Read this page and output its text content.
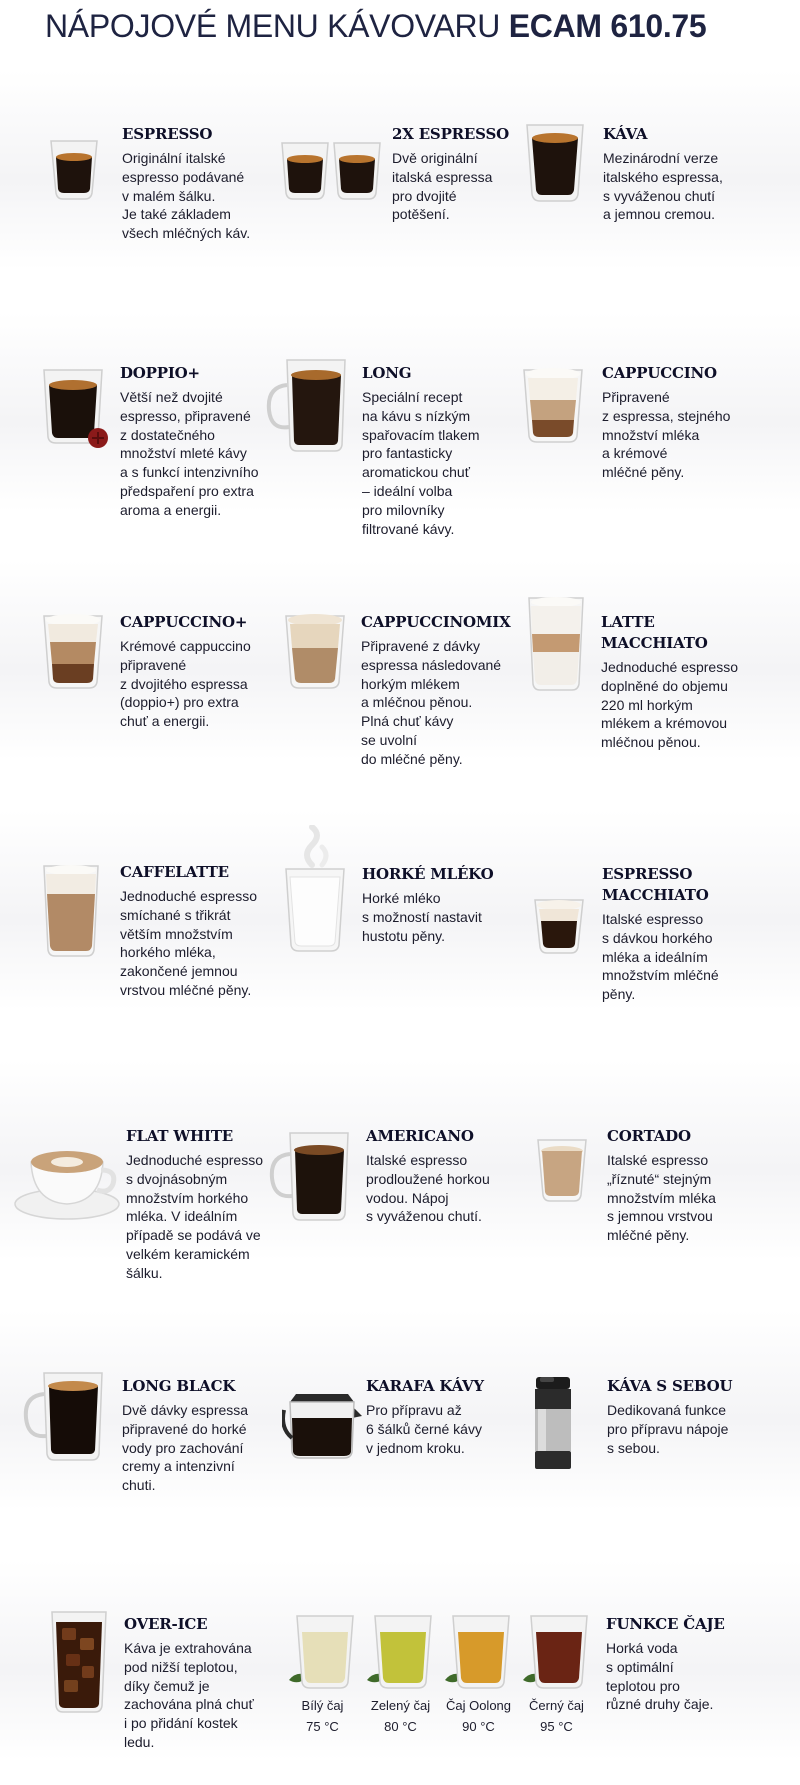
NÁPOJOVÉ MENU KÁVOVARU ECAM 610.75
ESPRESSO
Originální italské
espresso podávané
v malém šálku.
Je také základem
všech mléčných káv.
2X ESPRESSO
Dvě originální
italská espressa
pro dvojité
potěšení.
KÁVA
Mezinárodní verze
italského espressa,
s vyváženou chutí
a jemnou cremou.
DOPPIO+
Větší než dvojité
espresso, připravené
z dostatečného
množství mleté kávy
a s funkcí intenzivního
předspaření pro extra
aroma a energii.
LONG
Speciální recept
na kávu s nízkým
spařovacím tlakem
pro fantasticky
aromatickou chuť
– ideální volba
pro milovníky
filtrované kávy.
CAPPUCCINO
Připravené
z espressa, stejného
množství mléka
a krémové
mléčné pěny.
CAPPUCCINO+
Krémové cappuccino
připravené
z dvojitého espressa
(doppio+) pro extra
chuť a energii.
CAPPUCCINOMIX
Připravené z dávky
espressa následované
horkým mlékem
a mléčnou pěnou.
Plná chuť kávy
se uvolní
do mléčné pěny.
LATTE
MACCHIATO
Jednoduché espresso
doplněné do objemu
220 ml horkým
mlékem a krémovou
mléčnou pěnou.
CAFFELATTE
Jednoduché espresso
smíchané s třikrát
větším množstvím
horkého mléka,
zakončené jemnou
vrstvou mléčné pěny.
HORKÉ MLÉKO
Horké mléko
s možností nastavit
hustotu pěny.
ESPRESSO
MACCHIATO
Italské espresso
s dávkou horkého
mléka a ideálním
množstvím mléčné
pěny.
FLAT WHITE
Jednoduché espresso
s dvojnásobným
množstvím horkého
mléka. V ideálním
případě se podává ve
velkém keramickém
šálku.
AMERICANO
Italské espresso
prodloužené horkou
vodou. Nápoj
s vyváženou chutí.
CORTADO
Italské espresso
„říznuté“ stejným
množstvím mléka
s jemnou vrstvou
mléčné pěny.
LONG BLACK
Dvě dávky espressa
připravené do horké
vody pro zachování
cremy a intenzivní
chuti.
KARAFA KÁVY
Pro přípravu až
6 šálků černé kávy
v jednom kroku.
KÁVA S SEBOU
Dedikovaná funkce
pro přípravu nápoje
s sebou.
OVER-ICE
Káva je extrahována
pod nižší teplotou,
díky čemuž je
zachována plná chuť
i po přidání kostek
ledu.
Bílý čaj
75 °C
Zelený čaj
80 °C
Čaj Oolong
90 °C
Černý čaj
95 °C
FUNKCE ČAJE
Horká voda
s optimální
teplotou pro
různé druhy čaje.
